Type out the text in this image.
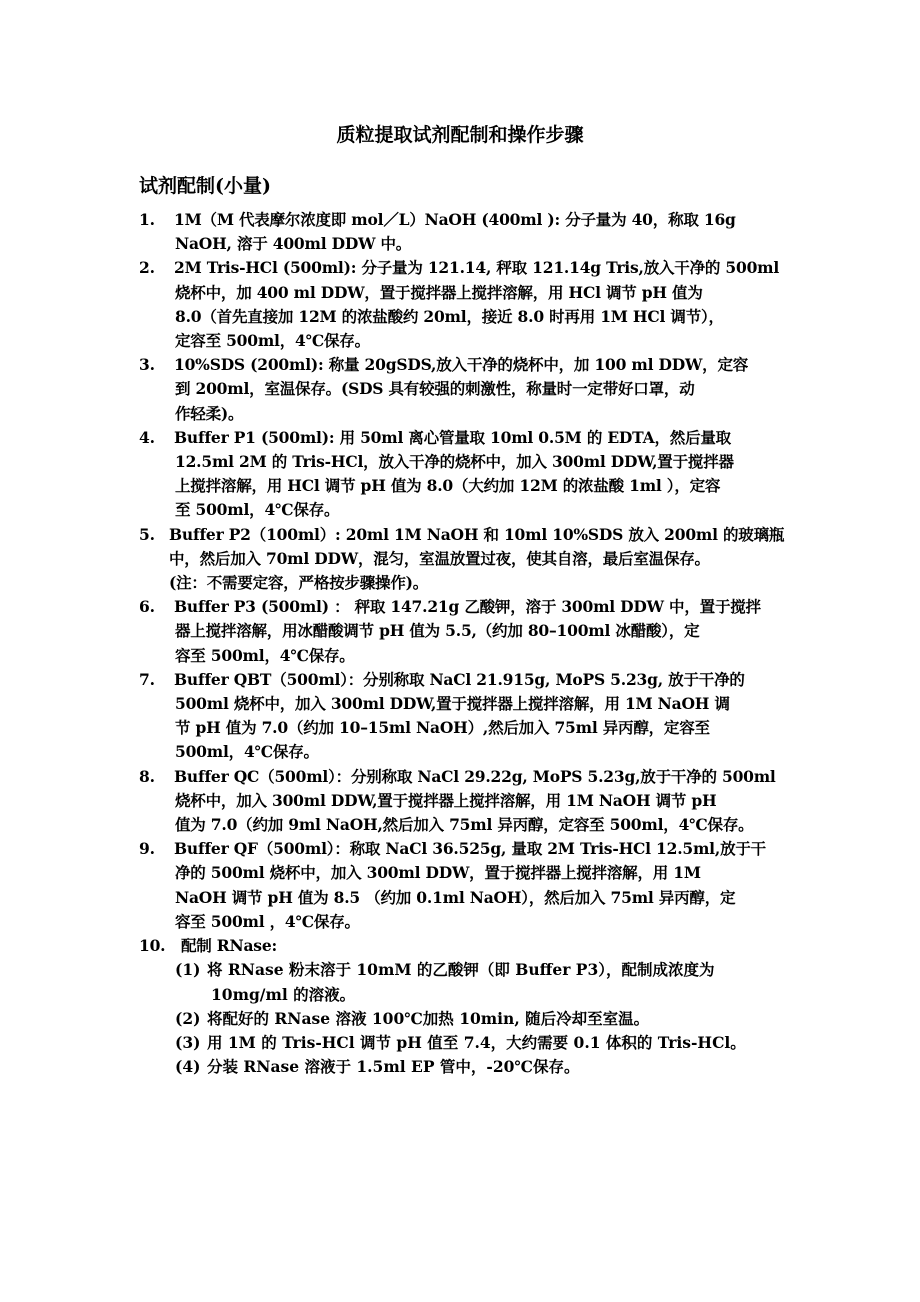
质粒提取试剂配制和操作步骤
试剂配制(小量)
1.	1M（M 代表摩尔浓度即 mol／L）NaOH (400ml ): 分子量为 40，称取 16g
NaOH, 溶于 400ml DDW 中。
2.	2M Tris-HCl (500ml): 分子量为 121.14, 秤取 121.14g Tris,放入干净的 500ml
烧杯中，加 400 ml DDW，置于搅拌器上搅拌溶解，用 HCl 调节 pH 值为
8.0（首先直接加 12M 的浓盐酸约 20ml，接近 8.0 时再用 1M HCl 调节），
定容至 500ml，4℃保存。
3.	10%SDS (200ml): 称量 20gSDS,放入干净的烧杯中，加 100 ml DDW，定容
到 200ml，室温保存。(SDS 具有较强的刺激性，称量时一定带好口罩，动
作轻柔)。
4.	Buffer P1 (500ml): 用 50ml 离心管量取 10ml 0.5M 的 EDTA，然后量取
12.5ml 2M 的 Tris-HCl，放入干净的烧杯中，加入 300ml DDW,置于搅拌器
上搅拌溶解，用 HCl 调节 pH 值为 8.0（大约加 12M 的浓盐酸 1ml ），定容
至 500ml，4℃保存。
5. Buffer P2（100ml）: 20ml 1M NaOH 和 10ml 10%SDS 放入 200ml 的玻璃瓶
中，然后加入 70ml DDW，混匀，室温放置过夜，使其自溶，最后室温保存。
(注：不需要定容，严格按步骤操作)。
6.	Buffer P3 (500ml) ： 秤取 147.21g 乙酸钾，溶于 300ml DDW 中，置于搅拌
器上搅拌溶解，用冰醋酸调节 pH 值为 5.5,（约加 80–100ml 冰醋酸），定
容至 500ml，4℃保存。
7.	Buffer QBT（500ml）：分别称取 NaCl 21.915g, MoPS 5.23g, 放于干净的
500ml 烧杯中，加入 300ml DDW,置于搅拌器上搅拌溶解，用 1M NaOH 调
节 pH 值为 7.0（约加 10–15ml NaOH）,然后加入 75ml 异丙醇，定容至
500ml，4℃保存。
8.	Buffer QC（500ml）：分别称取 NaCl 29.22g, MoPS 5.23g,放于干净的 500ml
烧杯中，加入 300ml DDW,置于搅拌器上搅拌溶解，用 1M NaOH 调节 pH
值为 7.0（约加 9ml NaOH,然后加入 75ml 异丙醇，定容至 500ml，4℃保存。
9.	Buffer QF（500ml）：称取 NaCl 36.525g, 量取 2M Tris-HCl 12.5ml,放于干
净的 500ml 烧杯中，加入 300ml DDW，置于搅拌器上搅拌溶解，用 1M
NaOH 调节 pH 值为 8.5 （约加 0.1ml NaOH），然后加入 75ml 异丙醇，定
容至 500ml ，4℃保存。
10.	配制 RNase:
(1) 将 RNase 粉末溶于 10mM 的乙酸钾（即 Buffer P3），配制成浓度为
10mg/ml 的溶液。
(2) 将配好的 RNase 溶液 100℃加热 10min, 随后冷却至室温。
(3) 用 1M 的 Tris-HCl 调节 pH 值至 7.4，大约需要 0.1 体积的 Tris-HCl。
(4) 分装 RNase 溶液于 1.5ml EP 管中，-20℃保存。
